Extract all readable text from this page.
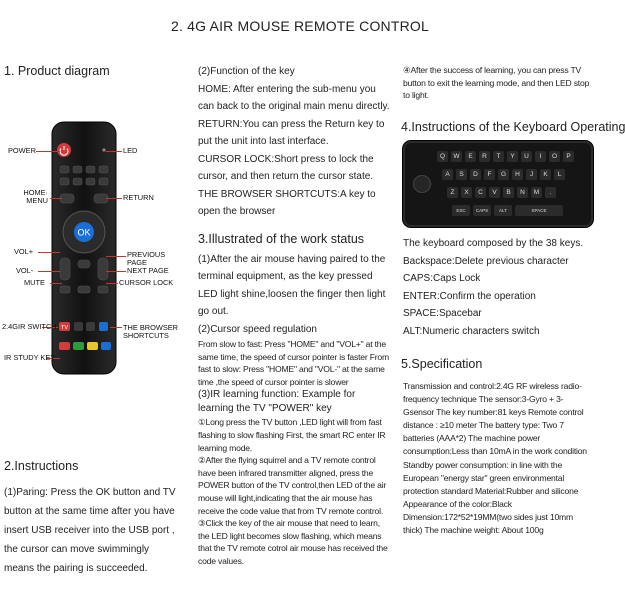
2. 4G AIR MOUSE REMOTE CONTROL
1. Product diagram
OK
TV
POWER	LED
HOME·
MENU	RETURN
VOL+	PREVIOUS
PAGE
VOL-	NEXT PAGE
MUTE	CURSOR LOCK
2.4GIR SWITCH	THE BROWSER
SHORTCUTS
IR STUDY KEY
2.Instructions
(1)Paring: Press the OK button and TV button at the same time after you have insert USB receiver into the USB port , the cursor can move swimmingly means the pairing is succeeded.
(2)Function of the key
HOME: After entering the sub-menu you can back to the original main menu directly.
RETURN:You can press the Return key to put the unit into last interface.
CURSOR LOCK:Short press to lock the cursor, and then return the cursor state.
THE BROWSER SHORTCUTS:A key to open the browser
3.Illustrated of the work status
(1)After the air mouse having paired to the terminal equipment, as the key pressed LED light shine,loosen the finger then light go out.
(2)Cursor speed regulation
From slow to fast: Press "HOME" and "VOL+" at the same time, the speed of cursor pointer is faster From fast to slow: Press "HOME" and "VOL-" at the same time ,the speed of cursor pointer is slower
(3)IR learning function: Example for learning the TV "POWER" key
①Long press the TV button ,LED light will from fast flashing to slow flashing First, the smart RC enter IR learning mode.
②After the flying squirrel and a TV remote control have been infrared transmitter aligned, press the POWER button of the TV control,then LED of the air mouse will light,indicating that the air mouse has receive the code value that from TV remote control.
③Click the key of the air mouse that need to learn, the LED light becomes slow flashing, which means that the TV remote cotrol air mouse has received the code values.
④After the success of learning, you can press TV button to exit the learning mode, and then LED stop to light.
4.Instructions of the Keyboard Operating
Q	W	E	R	T	Y	U	I	O	P
A	S	D	F	G	H	J	K	L
Z	X	C	V	B	N	M	.
ESC	CAPS	ALT	SPACE
The keyboard composed by the 38 keys.
Backspace:Delete previous character
CAPS:Caps Lock
ENTER:Confirm the operation
SPACE:Spacebar
ALT:Numeric characters switch
5.Specification
Transmission and control:2.4G RF wireless radio-frequency technique The sensor:3-Gyro + 3-Gsensor The key number:81 keys Remote control distance : ≥10 meter The battery type: Two 7 batteries (AAA*2) The machine power consumption:Less than 10mA in the work condition Standby power consumption: in line with the European "energy star" green environmental protection standard Material:Rubber and silicone Appearance of the color:Black Dimension:172*52*19MM(two sides just 10mm thick) The machine weight: About 100g
